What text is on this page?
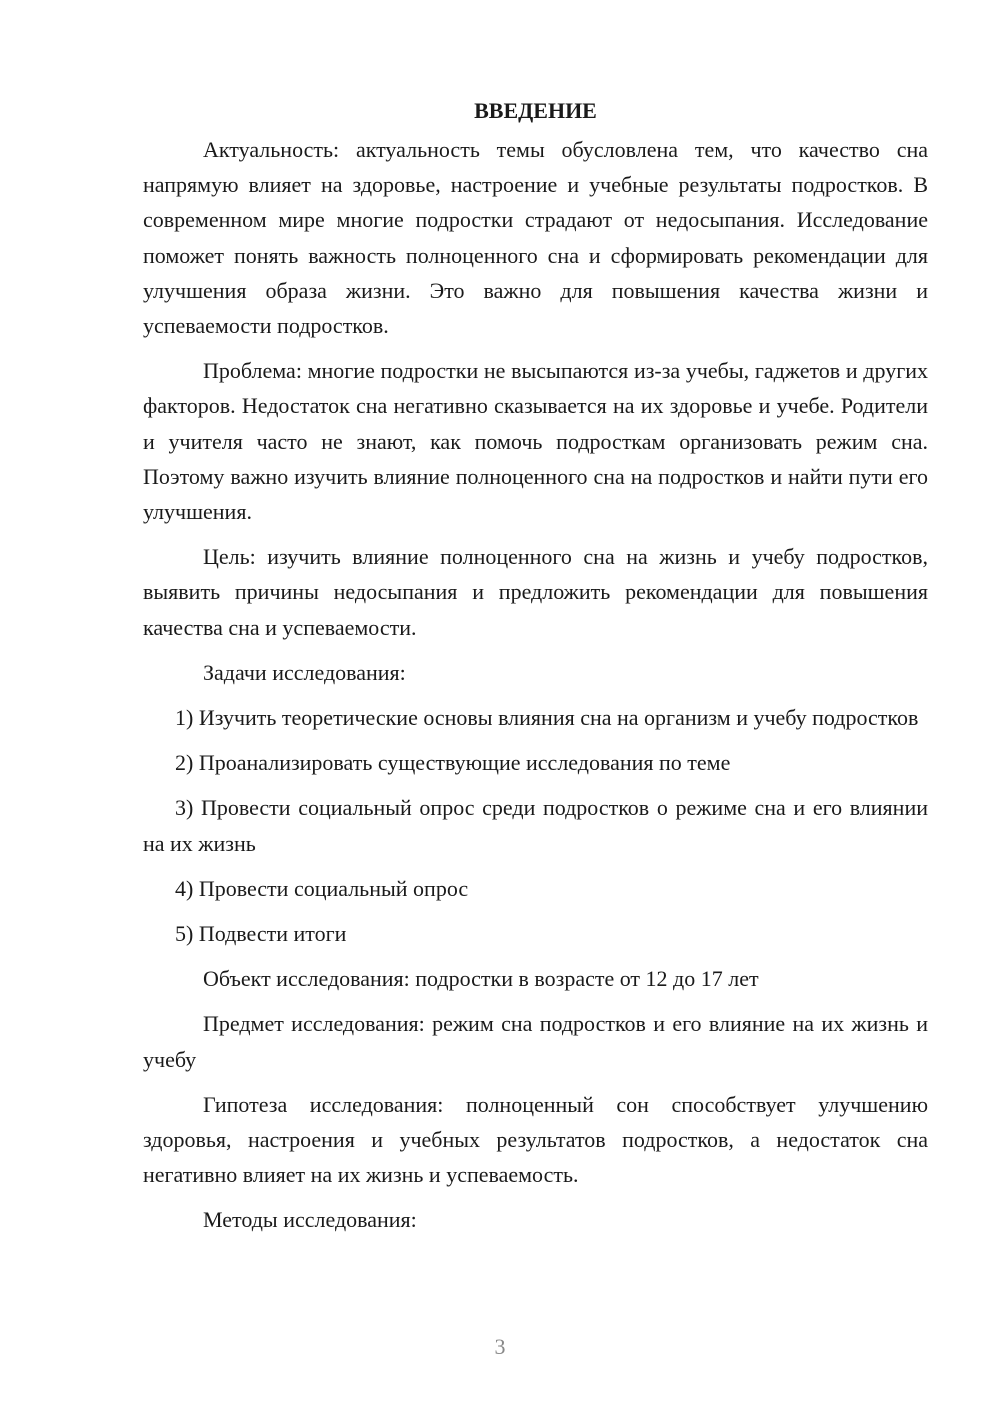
ВВЕДЕНИЕ

Актуальность: актуальность темы обусловлена тем, что качество сна напрямую влияет на здоровье, настроение и учебные результаты подростков. В современном мире многие подростки страдают от недосыпания. Исследование поможет понять важность полноценного сна и сформировать рекомендации для улучшения образа жизни. Это важно для повышения качества жизни и успеваемости подростков.

Проблема: многие подростки не высыпаются из-за учебы, гаджетов и других факторов. Недостаток сна негативно сказывается на их здоровье и учебе. Родители и учителя часто не знают, как помочь подросткам организовать режим сна. Поэтому важно изучить влияние полноценного сна на подростков и найти пути его улучшения.

Цель: изучить влияние полноценного сна на жизнь и учебу подростков, выявить причины недосыпания и предложить рекомендации для повышения качества сна и успеваемости.

Задачи исследования:

1) Изучить теоретические основы влияния сна на организм и учебу подростков

2) Проанализировать существующие исследования по теме

3) Провести социальный опрос среди подростков о режиме сна и его влиянии на их жизнь

4) Провести социальный опрос

5) Подвести итоги

Объект исследования: подростки в возрасте от 12 до 17 лет

Предмет исследования: режим сна подростков и его влияние на их жизнь и учебу

Гипотеза исследования: полноценный сон способствует улучшению здоровья, настроения и учебных результатов подростков, а недостаток сна негативно влияет на их жизнь и успеваемость.

Методы исследования:

3
